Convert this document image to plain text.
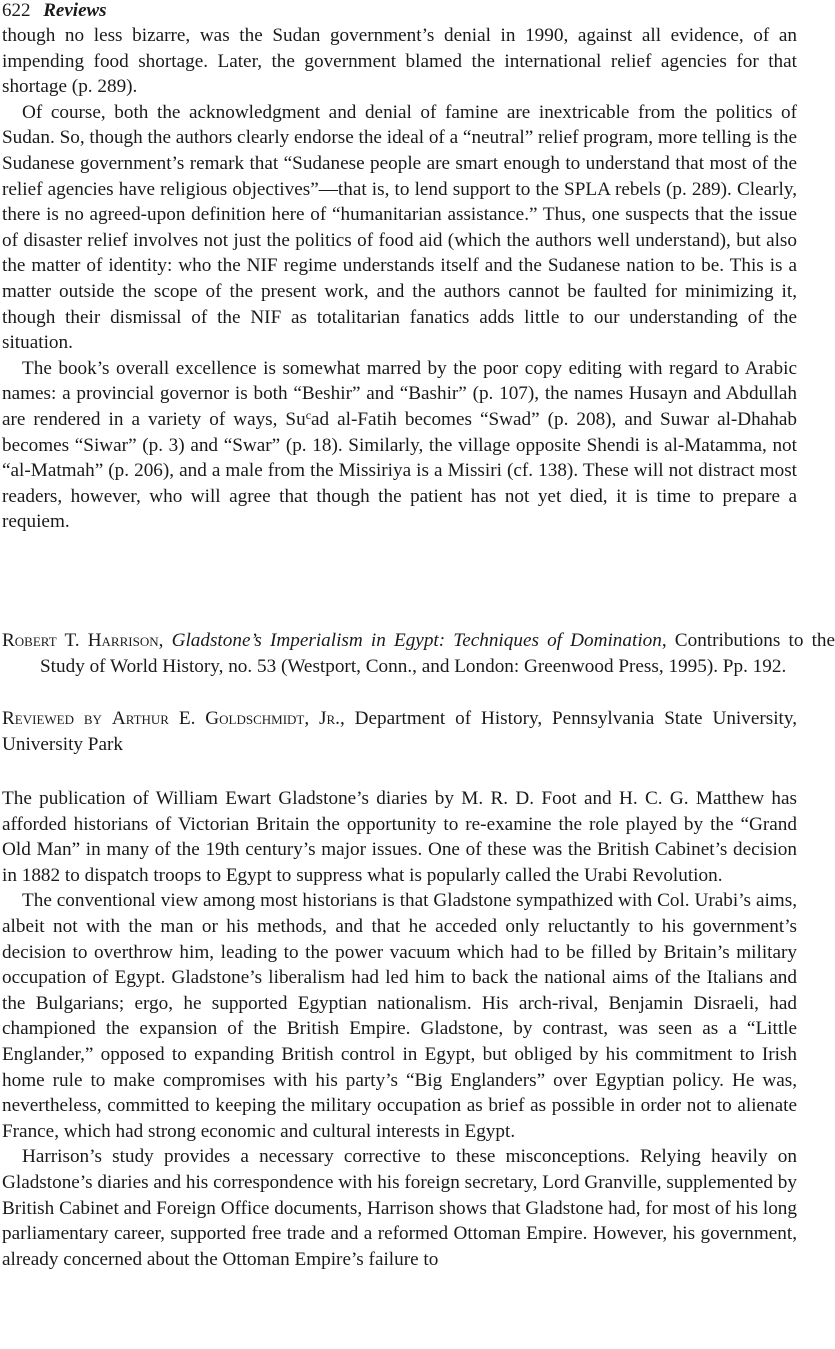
622 Reviews

though no less bizarre, was the Sudan government’s denial in 1990, against all evidence, of an impending food shortage. Later, the government blamed the international relief agencies for that shortage (p. 289).

Of course, both the acknowledgment and denial of famine are inextricable from the politics of Sudan. So, though the authors clearly endorse the ideal of a “neutral” relief program, more telling is the Sudanese government’s remark that “Sudanese people are smart enough to understand that most of the relief agencies have religious objectives”—that is, to lend support to the SPLA rebels (p. 289). Clearly, there is no agreed-upon definition here of “humanitarian assistance.” Thus, one suspects that the issue of disaster relief involves not just the politics of food aid (which the authors well understand), but also the matter of identity: who the NIF regime understands itself and the Sudanese nation to be. This is a matter outside the scope of the present work, and the authors cannot be faulted for minimizing it, though their dismissal of the NIF as totalitarian fanatics adds little to our understanding of the situation.

The book’s overall excellence is somewhat marred by the poor copy editing with regard to Arabic names: a provincial governor is both “Beshir” and “Bashir” (p. 107), the names Husayn and Abdullah are rendered in a variety of ways, Su$^c$ad al-Fatih becomes “Swad” (p. 208), and Suwar al-Dhahab becomes “Siwar” (p. 3) and “Swar” (p. 18). Similarly, the village opposite Shendi is al-Matamma, not “al-Matmah” (p. 206), and a male from the Missiriya is a Missiri (cf. 138). These will not distract most readers, however, who will agree that though the patient has not yet died, it is time to prepare a requiem.

Robert T. Harrison, Gladstone’s Imperialism in Egypt: Techniques of Domination, Contributions to the Study of World History, no. 53 (Westport, Conn., and London: Greenwood Press, 1995). Pp. 192.
Reviewed by Arthur E. Goldschmidt, Jr., Department of History, Pennsylvania State University, University Park

The publication of William Ewart Gladstone’s diaries by M. R. D. Foot and H. C. G. Matthew has afforded historians of Victorian Britain the opportunity to re-examine the role played by the “Grand Old Man” in many of the 19th century’s major issues. One of these was the British Cabinet’s decision in 1882 to dispatch troops to Egypt to suppress what is popularly called the Urabi Revolution.

The conventional view among most historians is that Gladstone sympathized with Col. Urabi’s aims, albeit not with the man or his methods, and that he acceded only reluctantly to his government’s decision to overthrow him, leading to the power vacuum which had to be filled by Britain’s military occupation of Egypt. Gladstone’s liberalism had led him to back the national aims of the Italians and the Bulgarians; ergo, he supported Egyptian nationalism. His arch-rival, Benjamin Disraeli, had championed the expansion of the British Empire. Gladstone, by contrast, was seen as a “Little Englander,” opposed to expanding British control in Egypt, but obliged by his commitment to Irish home rule to make compromises with his party’s “Big Englanders” over Egyptian policy. He was, nevertheless, committed to keeping the military occupation as brief as possible in order not to alienate France, which had strong economic and cultural interests in Egypt.

Harrison’s study provides a necessary corrective to these misconceptions. Relying heavily on Gladstone’s diaries and his correspondence with his foreign secretary, Lord Granville, supplemented by British Cabinet and Foreign Office documents, Harrison shows that Gladstone had, for most of his long parliamentary career, supported free trade and a reformed Ottoman Empire. However, his government, already concerned about the Ottoman Empire’s failure to
